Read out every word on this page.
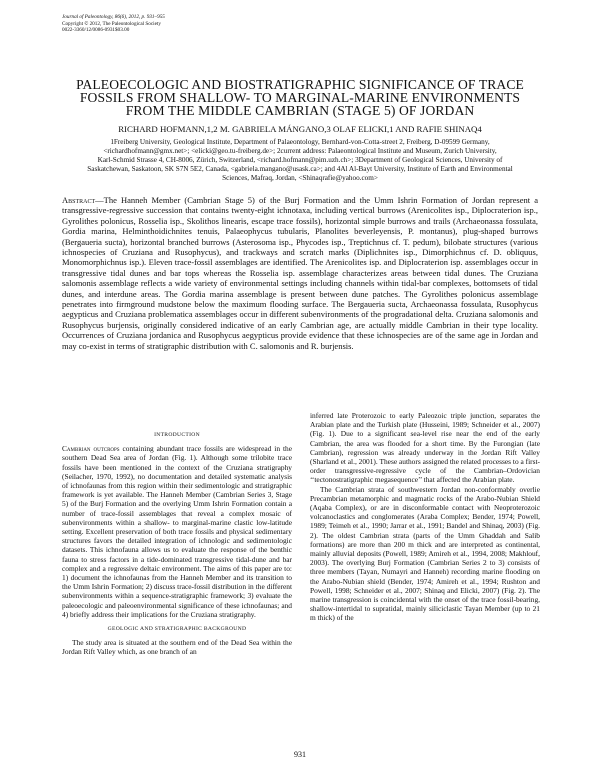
Journal of Paleontology, 86(6), 2012, p. 931–955
Copyright © 2012, The Paleontological Society
0022-3360/12/0086-0931$03.00
PALEOECOLOGIC AND BIOSTRATIGRAPHIC SIGNIFICANCE OF TRACE
FOSSILS FROM SHALLOW- TO MARGINAL-MARINE ENVIRONMENTS
FROM THE MIDDLE CAMBRIAN (STAGE 5) OF JORDAN
RICHARD HOFMANN,1,2 M. GABRIELA MÁNGANO,3 OLAF ELICKI,1 AND RAFIE SHINAQ4
1Freiberg University, Geological Institute, Department of Palaeontology, Bernhard-von-Cotta-street 2, Freiberg, D-09599 Germany,
<richardhofmann@gmx.net>; <elicki@geo.tu-freiberg.de>; 2current address: Palaeontological Institute and Museum, Zurich University,
Karl-Schmid Strasse 4, CH-8006, Zürich, Switzerland, <richard.hofmann@pim.uzh.ch>; 3Department of Geological Sciences, University of
Saskatchewan, Saskatoon, SK S7N 5E2, Canada, <gabriela.mangano@usask.ca>; and 4Al Al-Bayt University, Institute of Earth and Environmental
Sciences, Mafraq, Jordan, <Shinaqrafie@yahoo.com>

Abstract—The Hanneh Member (Cambrian Stage 5) of the Burj Formation and the Umm Ishrin Formation of Jordan represent a transgressive-regressive succession that contains twenty-eight ichnotaxa, including vertical burrows (Arenicolites isp., Diplocraterion isp., Gyrolithes polonicus, Rosselia isp., Skolithos linearis, escape trace fossils), horizontal simple burrows and trails (Archaeonassa fossulata, Gordia marina, Helminthoidichnites tenuis, Palaeophycus tubularis, Planolites beverleyensis, P. montanus), plug-shaped burrows (Bergaueria sucta), horizontal branched burrows (Asterosoma isp., Phycodes isp., Treptichnus cf. T. pedum), bilobate structures (various ichnospecies of Cruziana and Rusophycus), and trackways and scratch marks (Diplichnites isp., Dimorphichnus cf. D. obliquus, Monomorphichnus isp.). Eleven trace-fossil assemblages are identified. The Arenicolites isp. and Diplocraterion isp. assemblages occur in transgressive tidal dunes and bar tops whereas the Rosselia isp. assemblage characterizes areas between tidal dunes. The Cruziana salomonis assemblage reflects a wide variety of environmental settings including channels within tidal-bar complexes, bottomsets of tidal dunes, and interdune areas. The Gordia marina assemblage is present between dune patches. The Gyrolithes polonicus assemblage penetrates into firmground mudstone below the maximum flooding surface. The Bergaueria sucta, Archaeonassa fossulata, Rusophycus aegypticus and Cruziana problematica assemblages occur in different subenvironments of the progradational delta. Cruziana salomonis and Rusophycus burjensis, originally considered indicative of an early Cambrian age, are actually middle Cambrian in their type locality. Occurrences of Cruziana jordanica and Rusophycus aegypticus provide evidence that these ichnospecies are of the same age in Jordan and may co-exist in terms of stratigraphic distribution with C. salomonis and R. burjensis.

INTRODUCTION

Cambrian outcrops containing abundant trace fossils are widespread in the southern Dead Sea area of Jordan (Fig. 1). Although some trilobite trace fossils have been mentioned in the context of the Cruziana stratigraphy (Seilacher, 1970, 1992), no documentation and detailed systematic analysis of ichnofaunas from this region within their sedimentologic and stratigraphic framework is yet available. The Hanneh Member (Cambrian Series 3, Stage 5) of the Burj Formation and the overlying Umm Ishrin Formation contain a number of trace-fossil assemblages that reveal a complex mosaic of subenvironments within a shallow- to marginal-marine clastic low-latitude setting. Excellent preservation of both trace fossils and physical sedimentary structures favors the detailed integration of ichnologic and sedimentologic datasets. This ichnofauna allows us to evaluate the response of the benthic fauna to stress factors in a tide-dominated transgressive tidal-dune and bar complex and a regressive deltaic environment. The aims of this paper are to: 1) document the ichnofaunas from the Hanneh Member and its transition to the Umm Ishrin Formation; 2) discuss trace-fossil distribution in the different subenvironments within a sequence-stratigraphic framework; 3) evaluate the paleoecologic and paleoenvironmental significance of these ichnofaunas; and 4) briefly address their implications for the Cruziana stratigraphy.

GEOLOGIC AND STRATIGRAPHIC BACKGROUND

The study area is situated at the southern end of the Dead Sea within the Jordan Rift Valley which, as one branch of an

inferred late Proterozoic to early Paleozoic triple junction, separates the Arabian plate and the Turkish plate (Husseini, 1989; Schneider et al., 2007) (Fig. 1). Due to a significant sea-level rise near the end of the early Cambrian, the area was flooded for a short time. By the Furongian (late Cambrian), regression was already underway in the Jordan Rift Valley (Sharland et al., 2001). These authors assigned the related processes to a first-order transgressive-regressive cycle of the Cambrian–Ordovician ‘‘tectonostratigraphic megasequence’’ that affected the Arabian plate.

The Cambrian strata of southwestern Jordan non-conformably overlie Precambrian metamorphic and magmatic rocks of the Arabo-Nubian Shield (Aqaba Complex), or are in disconformable contact with Neoproterozoic volcanoclastics and conglomerates (Araba Complex; Bender, 1974; Powell, 1989; Teimeh et al., 1990; Jarrar et al., 1991; Bandel and Shinaq, 2003) (Fig. 2). The oldest Cambrian strata (parts of the Umm Ghaddah and Salib formations) are more than 200 m thick and are interpreted as continental, mainly alluvial deposits (Powell, 1989; Amireh et al., 1994, 2008; Makhlouf, 2003). The overlying Burj Formation (Cambrian Series 2 to 3) consists of three members (Tayan, Numayri and Hanneh) recording marine flooding on the Arabo-Nubian shield (Bender, 1974; Amireh et al., 1994; Rushton and Powell, 1998; Schneider et al., 2007; Shinaq and Elicki, 2007) (Fig. 2). The marine transgression is coincidental with the onset of the trace fossil-bearing, shallow-intertidal to supratidal, mainly siliciclastic Tayan Member (up to 21 m thick) of the

931
